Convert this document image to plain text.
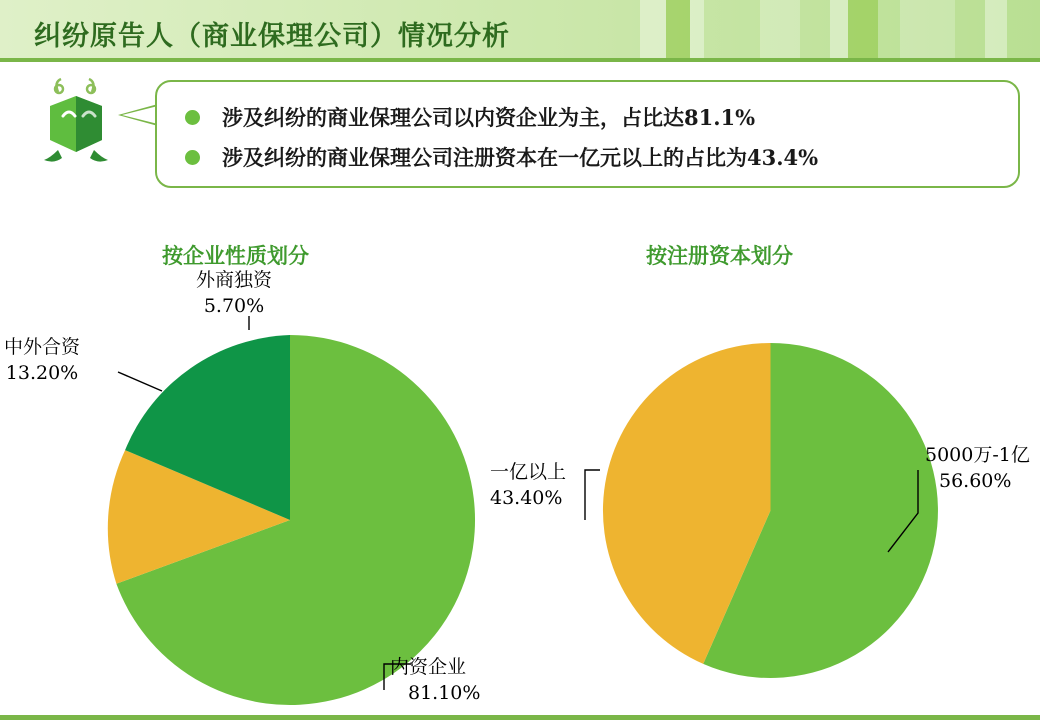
纠纷原告人（商业保理公司）情况分析
涉及纠纷的商业保理公司以内资企业为主，占比达81.1%
涉及纠纷的商业保理公司注册资本在一亿元以上的占比为43.4%
按企业性质划分	按注册资本划分
外商独资
5.70%
中外合资
13.20%
内资企业
81.10%
一亿以上
43.40%
5000万-1亿
56.60%
